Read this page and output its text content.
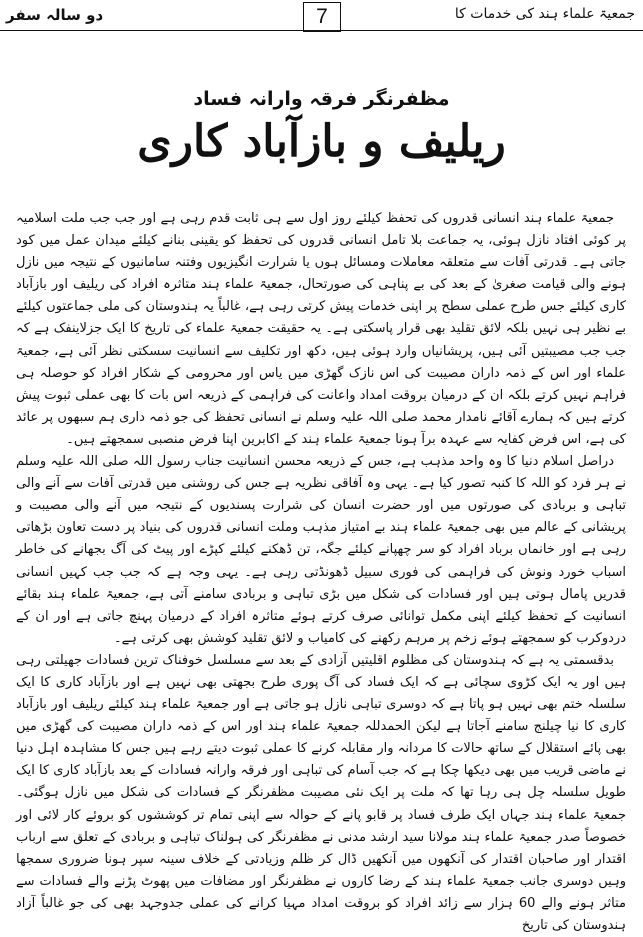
دو سالہ سفر	7	جمعیۃ علماء ہند کی خدمات کا
مظفرنگر فرقہ وارانہ فساد
ریلیف و بازآباد کاری

جمعیۃ علماء ہند انسانی قدروں کی تحفظ کیلئے روز اول سے ہی ثابت قدم رہی ہے اور جب جب ملت اسلامیہ پر کوئی افتاد نازل ہوئی، یہ جماعت بلا تامل انسانی قدروں کی تحفظ کو یقینی بنانے کیلئے میدان عمل میں کود جاتی ہے۔ قدرتی آفات سے متعلقہ معاملات ومسائل ہوں یا شرارت انگیزیوں وفتنہ سامانیوں کے نتیجہ میں نازل ہونے والی قیامت صغریٰ کے بعد کی بے پناہی کی صورتحال، جمعیۃ علماء ہند متاثرہ افراد کی ریلیف اور بازآباد کاری کیلئے جس طرح عملی سطح پر اپنی خدمات پیش کرتی رہی ہے، غالباً یہ ہندوستان کی ملی جماعتوں کیلئے بے نظیر ہی نہیں بلکہ لائق تقلید بھی قرار پاسکتی ہے۔ یہ حقیقت جمعیۃ علماء کی تاریخ کا ایک جزلاینفک ہے کہ جب جب مصیبتیں آئی ہیں، پریشانیاں وارد ہوئی ہیں، دکھ اور تکلیف سے انسانیت سسکتی نظر آئی ہے، جمعیۃ علماء اور اس کے ذمہ داران مصیبت کی اس نازک گھڑی میں یاس اور محرومی کے شکار افراد کو حوصلہ ہی فراہم نہیں کرتے بلکہ ان کے درمیان بروقت امداد واعانت کی فراہمی کے ذریعہ اس بات کا بھی عملی ثبوت پیش کرتے ہیں کہ ہمارے آقائے نامدار محمد صلی اللہ علیہ وسلم نے انسانی تحفظ کی جو ذمہ داری ہم سبھوں پر عائد کی ہے، اس فرض کفایہ سے عہدہ برآ ہونا جمعیۃ علماء ہند کے اکابرین اپنا فرض منصبی سمجھتے ہیں۔

دراصل اسلام دنیا کا وہ واحد مذہب ہے، جس کے ذریعہ محسن انسانیت جناب رسول اللہ صلی اللہ علیہ وسلم نے ہر فرد کو اللہ کا کنبہ تصور کیا ہے۔ یہی وہ آفاقی نظریہ ہے جس کی روشنی میں قدرتی آفات سے آنے والی تباہی و بربادی کی صورتوں میں اور حضرت انسان کی شرارت پسندیوں کے نتیجہ میں آنے والی مصیبت و پریشانی کے عالم میں بھی جمعیۃ علماء ہند بے امتیاز مذہب وملت انسانی قدروں کی بنیاد پر دست تعاون بڑھاتی رہی ہے اور خانماں برباد افراد کو سر چھپانے کیلئے جگہ، تن ڈھکنے کیلئے کپڑے اور پیٹ کی آگ بجھانے کی خاطر اسباب خورد ونوش کی فراہمی کی فوری سبیل ڈھونڈتی رہی ہے۔ یہی وجہ ہے کہ جب جب کہیں انسانی قدریں پامال ہوتی ہیں اور فسادات کی شکل میں بڑی تباہی و بربادی سامنے آتی ہے، جمعیۃ علماء ہند بقائے انسانیت کے تحفظ کیلئے اپنی مکمل توانائی صرف کرتے ہوئے متاثرہ افراد کے درمیان پہنچ جاتی ہے اور ان کے دردوکرب کو سمجھتے ہوئے زخم پر مرہم رکھنے کی کامیاب و لائق تقلید کوشش بھی کرتی ہے۔

بدقسمتی یہ ہے کہ ہندوستان کی مظلوم اقلیتیں آزادی کے بعد سے مسلسل خوفناک ترین فسادات جھیلتی رہی ہیں اور یہ ایک کڑوی سچائی ہے کہ ایک فساد کی آگ پوری طرح بجھتی بھی نہیں ہے اور بازآباد کاری کا ایک سلسلہ ختم بھی نہیں ہو پاتا ہے کہ دوسری تباہی نازل ہو جاتی ہے اور جمعیۃ علماء ہند کیلئے ریلیف اور بازآباد کاری کا نیا چیلنج سامنے آجاتا ہے لیکن الحمدللہ جمعیۃ علماء ہند اور اس کے ذمہ داران مصیبت کی گھڑی میں بھی پائے استقلال کے ساتھ حالات کا مردانہ وار مقابلہ کرنے کا عملی ثبوت دیتے رہے ہیں جس کا مشاہدہ اہل دنیا نے ماضی قریب میں بھی دیکھا چکا ہے کہ جب آسام کی تباہی اور فرقہ وارانہ فسادات کے بعد بازآباد کاری کا ایک طویل سلسلہ چل ہی رہا تھا کہ ملت پر ایک نئی مصیبت مظفرنگر کے فسادات کی شکل میں نازل ہوگئی۔ جمعیۃ علماء ہند جہاں ایک طرف فساد پر قابو پانے کے حوالہ سے اپنی تمام تر کوششوں کو بروئے کار لائی اور خصوصاً صدر جمعیۃ علماء ہند مولانا سید ارشد مدنی نے مظفرنگر کی ہولناک تباہی و بربادی کے تعلق سے ارباب اقتدار اور صاحبان اقتدار کی آنکھوں میں آنکھیں ڈال کر ظلم وزیادتی کے خلاف سینہ سپر ہونا ضروری سمجھا وہیں دوسری جانب جمعیۃ علماء ہند کے رضا کاروں نے مظفرنگر اور مضافات میں پھوٹ پڑنے والے فسادات سے متاثر ہونے والے 60 ہزار سے زائد افراد کو بروقت امداد مہیا کرانے کی عملی جدوجہد بھی کی جو غالباً آزاد ہندوستان کی تاریخ
